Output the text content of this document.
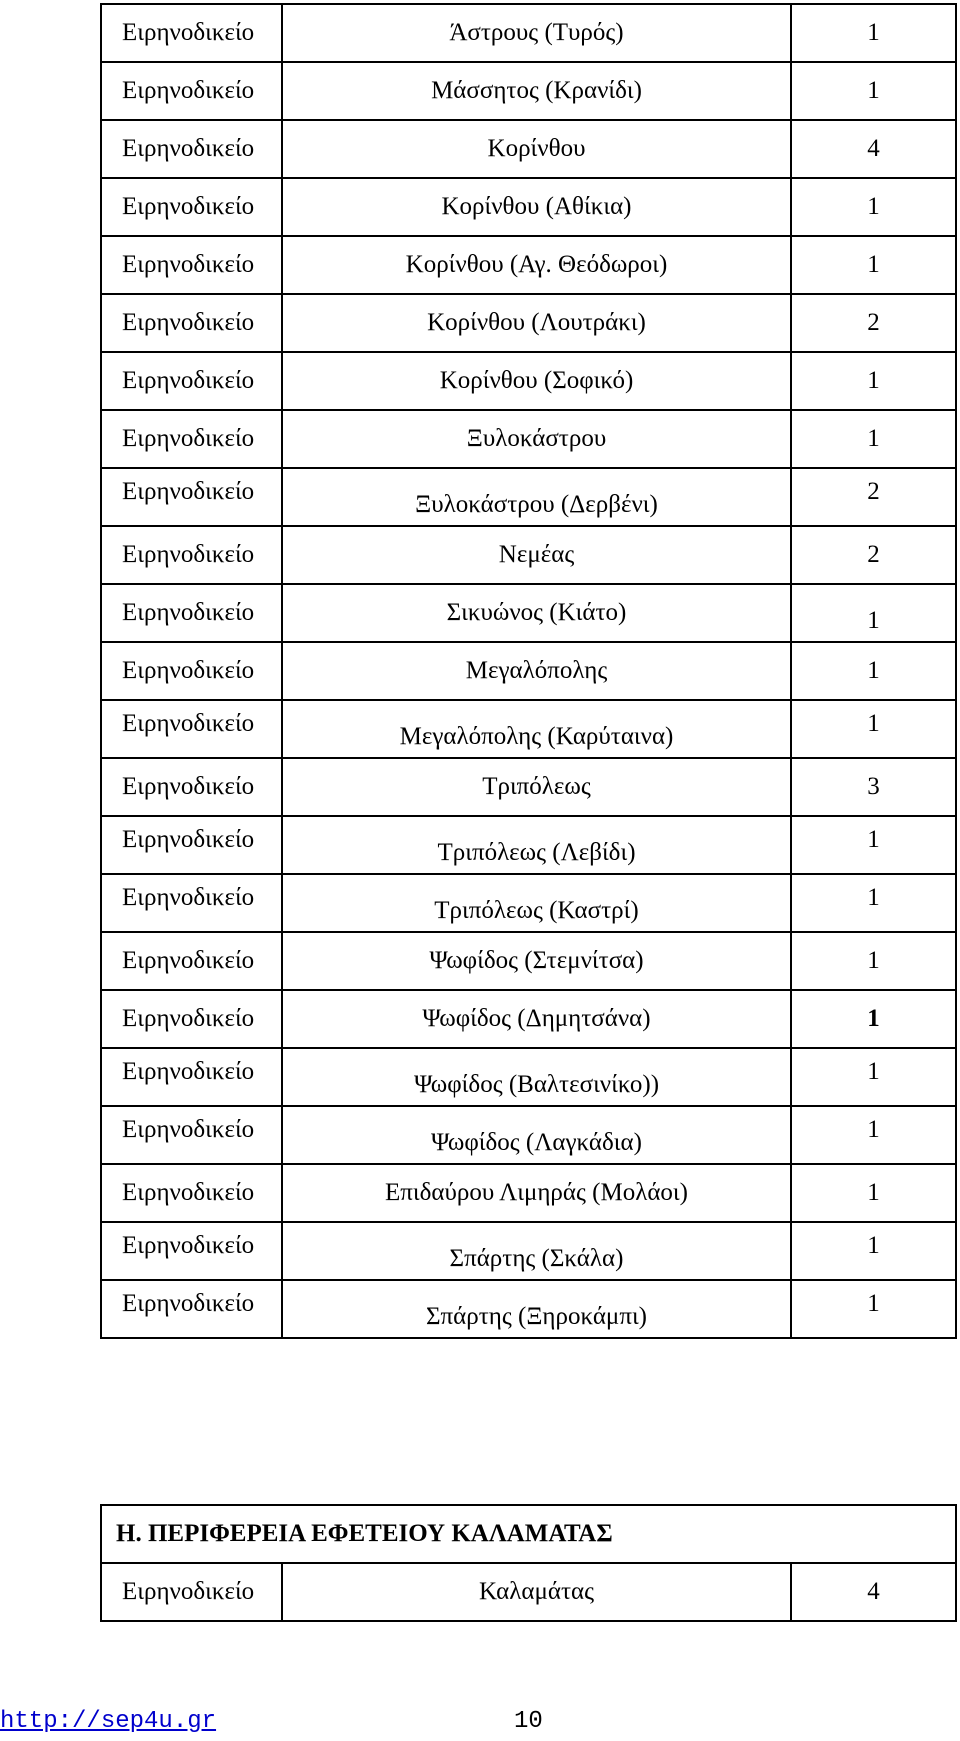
Ειρηνοδικείο	Άστρους (Τυρός)	1
Ειρηνοδικείο	Μάσσητος (Κρανίδι)	1
Ειρηνοδικείο	Κορίνθου	4
Ειρηνοδικείο	Κορίνθου (Αθίκια)	1
Ειρηνοδικείο	Κορίνθου (Αγ. Θεόδωροι)	1
Ειρηνοδικείο	Κορίνθου (Λουτράκι)	2
Ειρηνοδικείο	Κορίνθου (Σοφικό)	1
Ειρηνοδικείο	Ξυλοκάστρου	1
Ειρηνοδικείο	Ξυλοκάστρου (Δερβένι)	2
Ειρηνοδικείο	Νεμέας	2
Ειρηνοδικείο	Σικυώνος (Κιάτο)	1
Ειρηνοδικείο	Μεγαλόπολης	1
Ειρηνοδικείο	Μεγαλόπολης (Καρύταινα)	1
Ειρηνοδικείο	Τριπόλεως	3
Ειρηνοδικείο	Τριπόλεως (Λεβίδι)	1
Ειρηνοδικείο	Τριπόλεως (Καστρί)	1
Ειρηνοδικείο	Ψωφίδος (Στεμνίτσα)	1
Ειρηνοδικείο	Ψωφίδος (Δημητσάνα)	1
Ειρηνοδικείο	Ψωφίδος (Βαλτεσινίκο))	1
Ειρηνοδικείο	Ψωφίδος (Λαγκάδια)	1
Ειρηνοδικείο	Επιδαύρου Λιμηράς (Μολάοι)	1
Ειρηνοδικείο	Σπάρτης (Σκάλα)	1
Ειρηνοδικείο	Σπάρτης (Ξηροκάμπι)	1
Η. ΠΕΡΙΦΕΡΕΙΑ ΕΦΕΤΕΙΟΥ ΚΑΛΑΜΑΤΑΣ
Ειρηνοδικείο	Καλαμάτας	4
http://sep4u.gr	10
